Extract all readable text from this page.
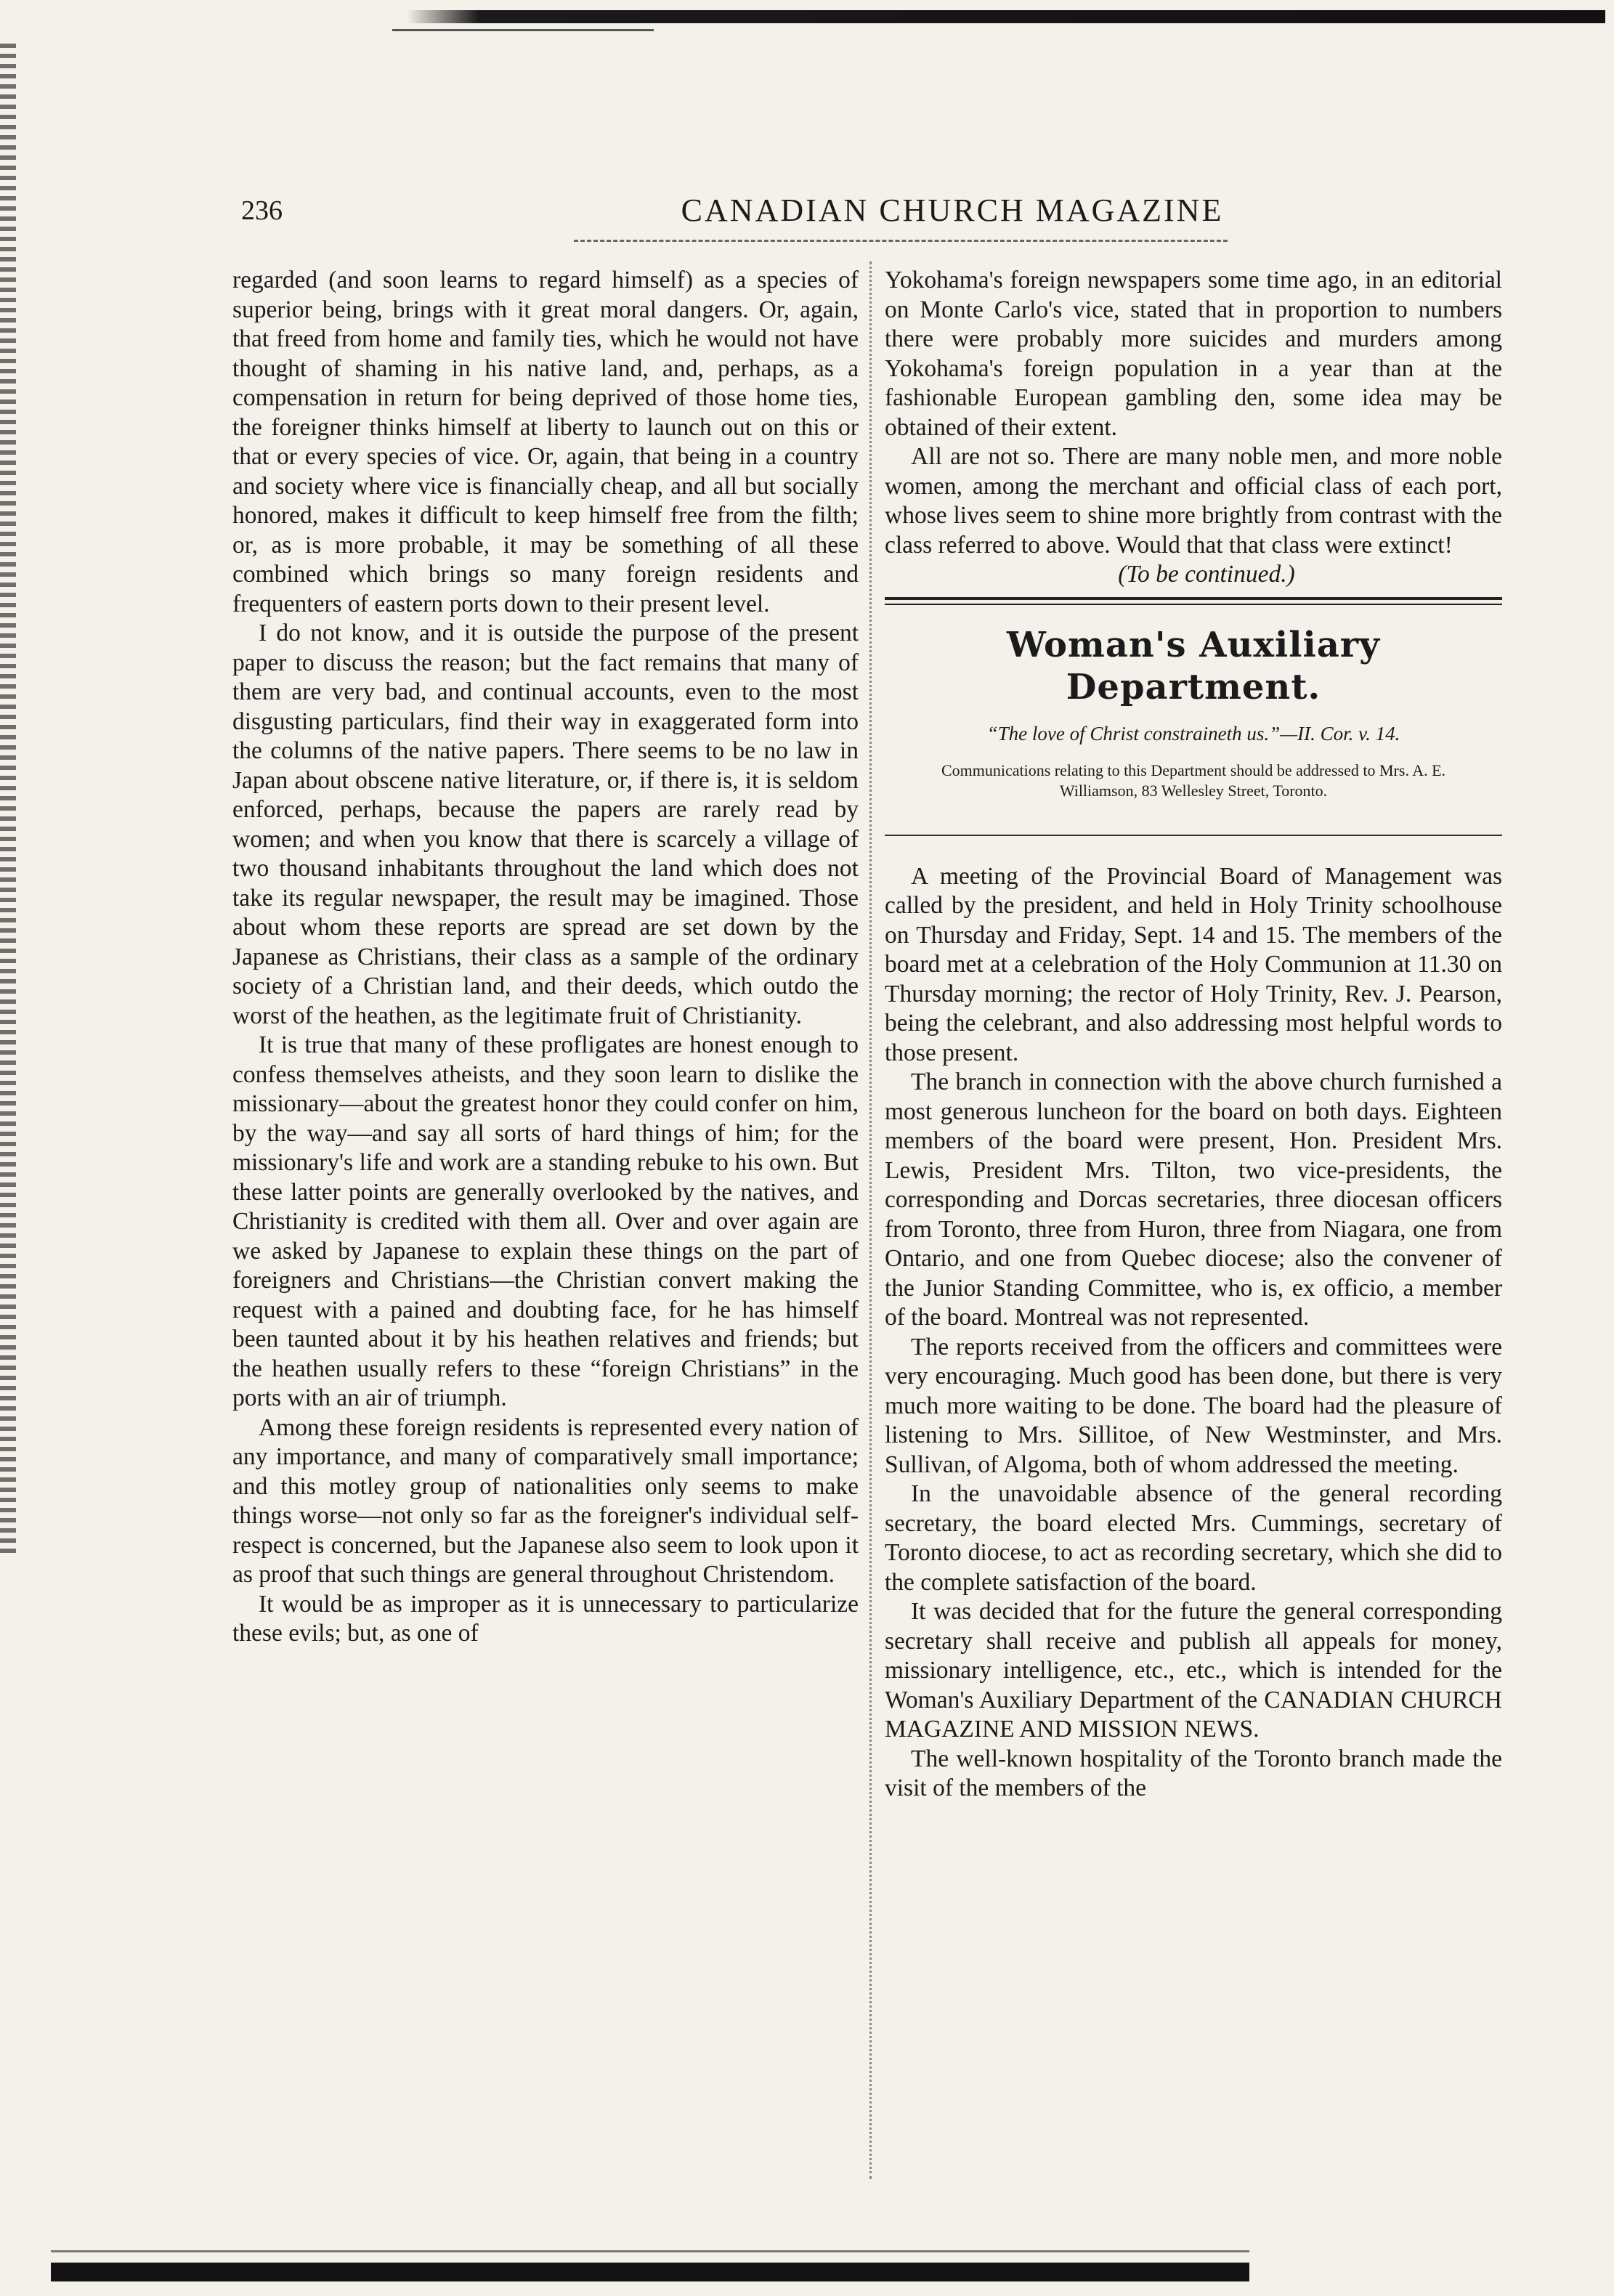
236	CANADIAN CHURCH MAGAZINE

regarded (and soon learns to regard himself) as a species of superior being, brings with it great moral dangers. Or, again, that freed from home and family ties, which he would not have thought of shaming in his native land, and, perhaps, as a compensation in return for being deprived of those home ties, the foreigner thinks himself at liberty to launch out on this or that or every species of vice. Or, again, that being in a country and society where vice is financially cheap, and all but socially honored, makes it difficult to keep himself free from the filth; or, as is more probable, it may be something of all these combined which brings so many foreign residents and frequenters of eastern ports down to their present level.

I do not know, and it is outside the purpose of the present paper to discuss the reason; but the fact remains that many of them are very bad, and continual accounts, even to the most disgusting particulars, find their way in exaggerated form into the columns of the native papers. There seems to be no law in Japan about obscene native literature, or, if there is, it is seldom enforced, perhaps, because the papers are rarely read by women; and when you know that there is scarcely a village of two thousand inhabitants throughout the land which does not take its regular newspaper, the result may be imagined. Those about whom these reports are spread are set down by the Japanese as Christians, their class as a sample of the ordinary society of a Christian land, and their deeds, which outdo the worst of the heathen, as the legitimate fruit of Christianity.

It is true that many of these profligates are honest enough to confess themselves atheists, and they soon learn to dislike the missionary—about the greatest honor they could confer on him, by the way—and say all sorts of hard things of him; for the missionary's life and work are a standing rebuke to his own. But these latter points are generally overlooked by the natives, and Christianity is credited with them all. Over and over again are we asked by Japanese to explain these things on the part of foreigners and Christians—the Christian convert making the request with a pained and doubting face, for he has himself been taunted about it by his heathen relatives and friends; but the heathen usually refers to these “foreign Christians” in the ports with an air of triumph.

Among these foreign residents is represented every nation of any importance, and many of comparatively small importance; and this motley group of nationalities only seems to make things worse—not only so far as the foreigner's individual self-respect is concerned, but the Japanese also seem to look upon it as proof that such things are general throughout Christendom.

It would be as improper as it is unnecessary to particularize these evils; but, as one of

Yokohama's foreign newspapers some time ago, in an editorial on Monte Carlo's vice, stated that in proportion to numbers there were probably more suicides and murders among Yokohama's foreign population in a year than at the fashionable European gambling den, some idea may be obtained of their extent.

All are not so. There are many noble men, and more noble women, among the merchant and official class of each port, whose lives seem to shine more brightly from contrast with the class referred to above. Would that that class were extinct!

(To be continued.)

Woman's Auxiliary Department.
“The love of Christ constraineth us.”—II. Cor. v. 14.
Communications relating to this Department should be addressed to Mrs. A. E. Williamson, 83 Wellesley Street, Toronto.

A meeting of the Provincial Board of Management was called by the president, and held in Holy Trinity schoolhouse on Thursday and Friday, Sept. 14 and 15. The members of the board met at a celebration of the Holy Communion at 11.30 on Thursday morning; the rector of Holy Trinity, Rev. J. Pearson, being the celebrant, and also addressing most helpful words to those present.

The branch in connection with the above church furnished a most generous luncheon for the board on both days. Eighteen members of the board were present, Hon. President Mrs. Lewis, President Mrs. Tilton, two vice-presidents, the corresponding and Dorcas secretaries, three diocesan officers from Toronto, three from Huron, three from Niagara, one from Ontario, and one from Quebec diocese; also the convener of the Junior Standing Committee, who is, ex officio, a member of the board. Montreal was not represented.

The reports received from the officers and committees were very encouraging. Much good has been done, but there is very much more waiting to be done. The board had the pleasure of listening to Mrs. Sillitoe, of New Westminster, and Mrs. Sullivan, of Algoma, both of whom addressed the meeting.

In the unavoidable absence of the general recording secretary, the board elected Mrs. Cummings, secretary of Toronto diocese, to act as recording secretary, which she did to the complete satisfaction of the board.

It was decided that for the future the general corresponding secretary shall receive and publish all appeals for money, missionary intelligence, etc., etc., which is intended for the Woman's Auxiliary Department of the CANADIAN CHURCH MAGAZINE AND MISSION NEWS.

The well-known hospitality of the Toronto branch made the visit of the members of the
